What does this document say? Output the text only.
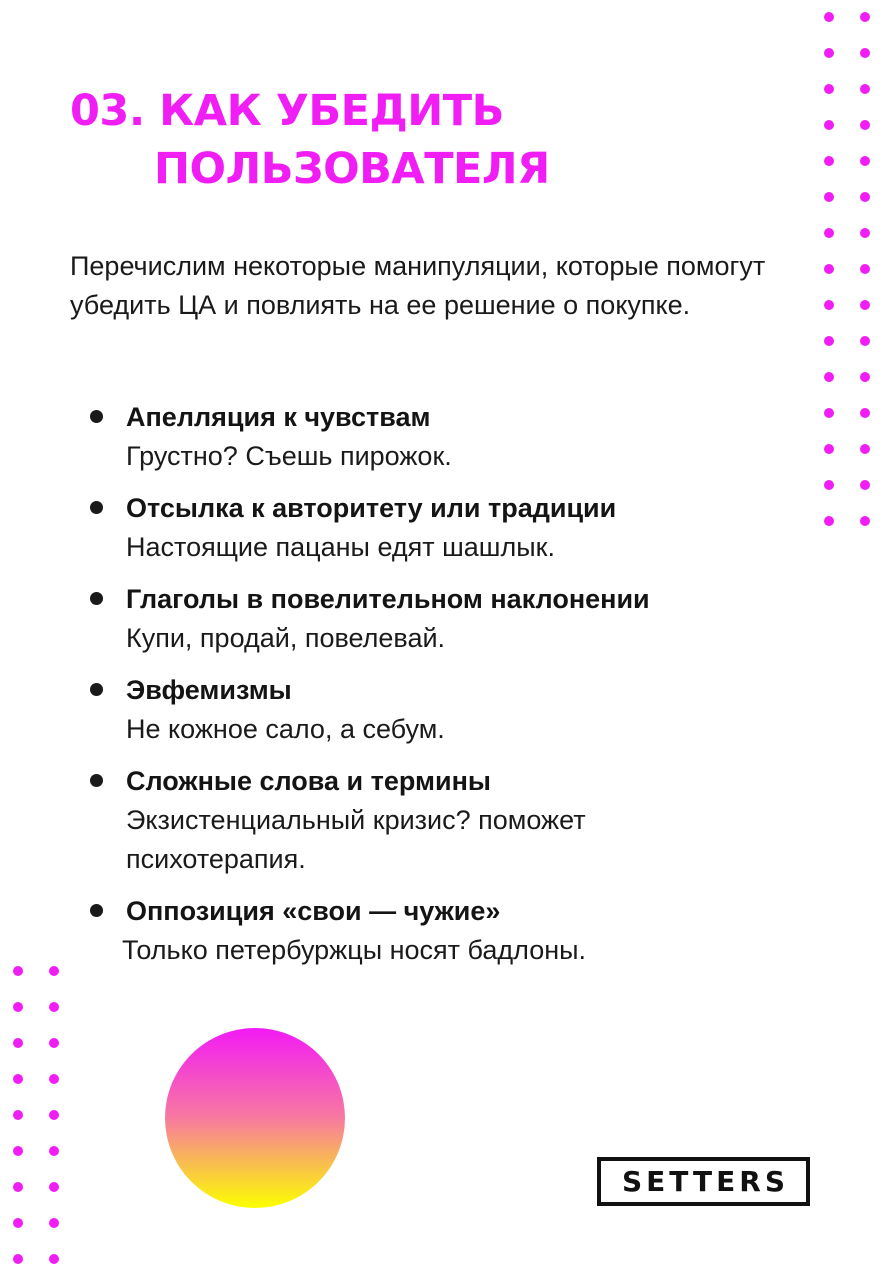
03. КАК УБЕДИТЬ
ПОЛЬЗОВАТЕЛЯ

Перечислим некоторые манипуляции, которые помогут убедить ЦА и повлиять на ее решение о покупке.

Апелляция к чувствам
Грустно? Съешь пирожок.
Отсылка к авторитету или традиции
Настоящие пацаны едят шашлык.
Глаголы в повелительном наклонении
Купи, продай, повелевай.
Эвфемизмы
Не кожное сало, а себум.
Сложные слова и термины
Экзистенциальный кризис? поможет психотерапия.
Оппозиция «свои — чужие»
Только петербуржцы носят бадлоны.
SETTERS
